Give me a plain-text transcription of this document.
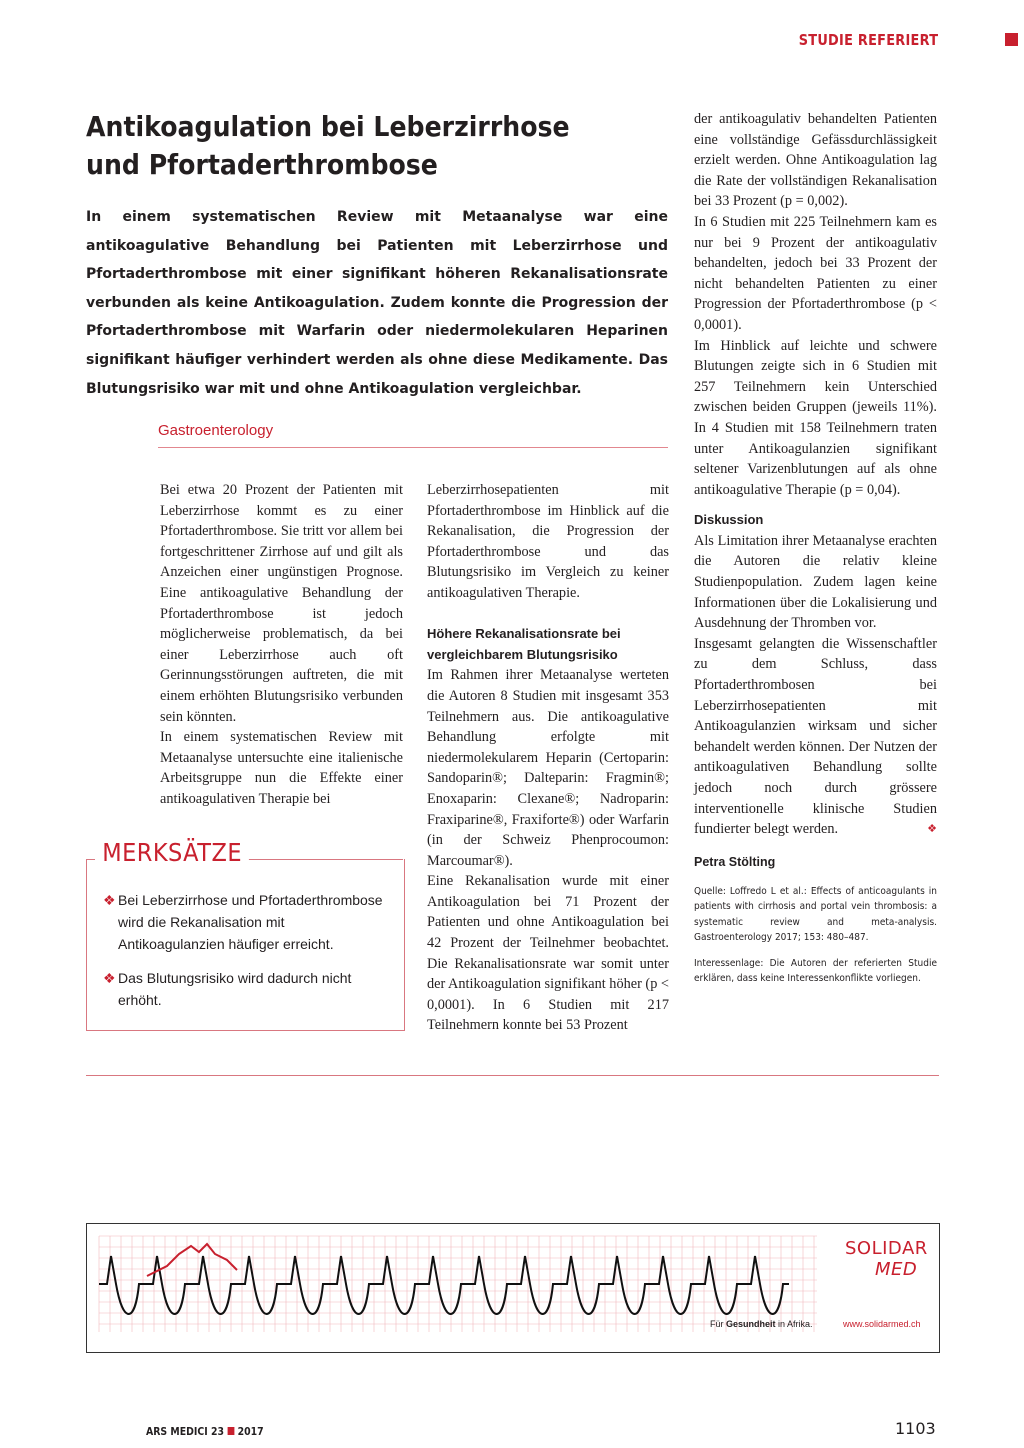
STUDIE REFERIERT
Antikoagulation bei Leberzirrhose
und Pfortaderthrombose

In einem systematischen Review mit Metaanalyse war eine antikoagulative Behandlung bei Patienten mit Leberzirrhose und Pfortaderthrombose mit einer signifikant höheren Rekanalisationsrate verbunden als keine Antikoagulation. Zudem konnte die Progression der Pfortaderthrombose mit Warfarin oder niedermolekularen Heparinen signifikant häufiger verhindert werden als ohne diese Medikamente. Das Blutungsrisiko war mit und ohne Antikoagulation vergleichbar.

Gastroenterology

Bei etwa 20 Prozent der Patienten mit Leberzirrhose kommt es zu einer Pfortaderthrombose. Sie tritt vor allem bei fortgeschrittener Zirrhose auf und gilt als Anzeichen einer ungünstigen Prognose. Eine antikoagulative Behandlung der Pfortaderthrombose ist jedoch möglicherweise problematisch, da bei einer Leberzirrhose auch oft Gerinnungsstörungen auftreten, die mit einem erhöhten Blutungsrisiko verbunden sein könnten.

In einem systematischen Review mit Metaanalyse untersuchte eine italienische Arbeitsgruppe nun die Effekte einer antikoagulativen Therapie bei

Leberzirrhosepatienten mit Pfortaderthrombose im Hinblick auf die Rekanalisation, die Progression der Pfortaderthrombose und das Blutungsrisiko im Vergleich zu keiner antikoagulativen Therapie.

Höhere Rekanalisationsrate bei vergleichbarem Blutungsrisiko

Im Rahmen ihrer Metaanalyse werteten die Autoren 8 Studien mit insgesamt 353 Teilnehmern aus. Die antikoagulative Behandlung erfolgte mit niedermolekularem Heparin (Certoparin: Sandoparin®; Dalteparin: Fragmin®; Enoxaparin: Clexane®; Nadroparin: Fraxiparine®, Fraxiforte®) oder Warfarin (in der Schweiz Phenprocoumon: Marcoumar®).

Eine Rekanalisation wurde mit einer Antikoagulation bei 71 Prozent der Patienten und ohne Antikoagulation bei 42 Prozent der Teilnehmer beobachtet. Die Rekanalisationsrate war somit unter der Antikoagulation signifikant höher (p < 0,0001). In 6 Studien mit 217 Teilnehmern konnte bei 53 Prozent

der antikoagulativ behandelten Patienten eine vollständige Gefässdurchlässigkeit erzielt werden. Ohne Antikoagulation lag die Rate der vollständigen Rekanalisation bei 33 Prozent (p = 0,002).

In 6 Studien mit 225 Teilnehmern kam es nur bei 9 Prozent der antikoagulativ behandelten, jedoch bei 33 Prozent der nicht behandelten Patienten zu einer Progression der Pfortaderthrombose (p < 0,0001).

Im Hinblick auf leichte und schwere Blutungen zeigte sich in 6 Studien mit 257 Teilnehmern kein Unterschied zwischen beiden Gruppen (jeweils 11%). In 4 Studien mit 158 Teilnehmern traten unter Antikoagulanzien signifikant seltener Varizenblutungen auf als ohne antikoagulative Therapie (p = 0,04).

Diskussion

Als Limitation ihrer Metaanalyse erachten die Autoren die relativ kleine Studienpopulation. Zudem lagen keine Informationen über die Lokalisierung und Ausdehnung der Thromben vor.

Insgesamt gelangten die Wissenschaftler zu dem Schluss, dass Pfortaderthrombosen bei Leberzirrhosepatienten mit Antikoagulanzien wirksam und sicher behandelt werden können. Der Nutzen der antikoagulativen Behandlung sollte jedoch noch durch grössere interventionelle klinische Studien fundierter belegt werden.	❖

Petra Stölting
Quelle: Loffredo L et al.: Effects of anticoagulants in patients with cirrhosis and portal vein thrombosis: a systematic review and meta-analysis. Gastroenterology 2017; 153: 480–487.
Interessenlage: Die Autoren der referierten Studie erklären, dass keine Interessenkonflikte vorliegen.
MERKSÄTZE
❖ Bei Leberzirrhose und Pfortaderthrombose wird die Rekanalisation mit Antikoagulanzien häufiger erreicht.
❖ Das Blutungsrisiko wird dadurch nicht erhöht.
SOLIDAR
MED
Für Gesundheit in Afrika.	www.solidarmed.ch
ARS MEDICI 23 2017	1103
